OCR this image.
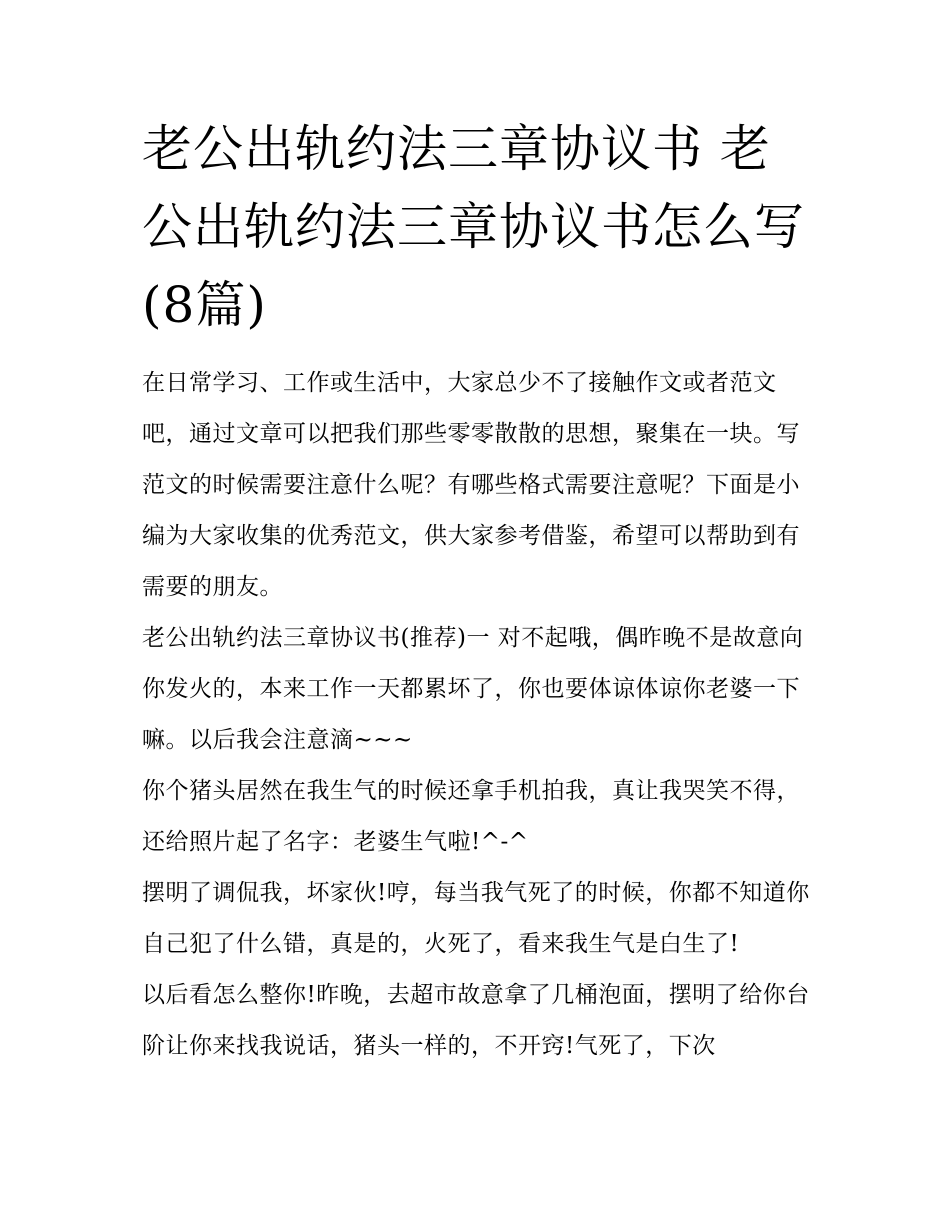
老公出轨约法三章协议书 老公出轨约法三章协议书怎么写(8篇)

在日常学习、工作或生活中，大家总少不了接触作文或者范文吧，通过文章可以把我们那些零零散散的思想，聚集在一块。写范文的时候需要注意什么呢？有哪些格式需要注意呢？下面是小编为大家收集的优秀范文，供大家参考借鉴，希望可以帮助到有需要的朋友。

老公出轨约法三章协议书(推荐)一 对不起哦，偶昨晚不是故意向你发火的，本来工作一天都累坏了，你也要体谅体谅你老婆一下嘛。以后我会注意滴~~~

你个猪头居然在我生气的时候还拿手机拍我，真让我哭笑不得，还给照片起了名字：老婆生气啦!^-^

摆明了调侃我，坏家伙!哼，每当我气死了的时候，你都不知道你自己犯了什么错，真是的，火死了，看来我生气是白生了!

以后看怎么整你!昨晚，去超市故意拿了几桶泡面，摆明了给你台阶让你来找我说话，猪头一样的，不开窍!气死了，下次
